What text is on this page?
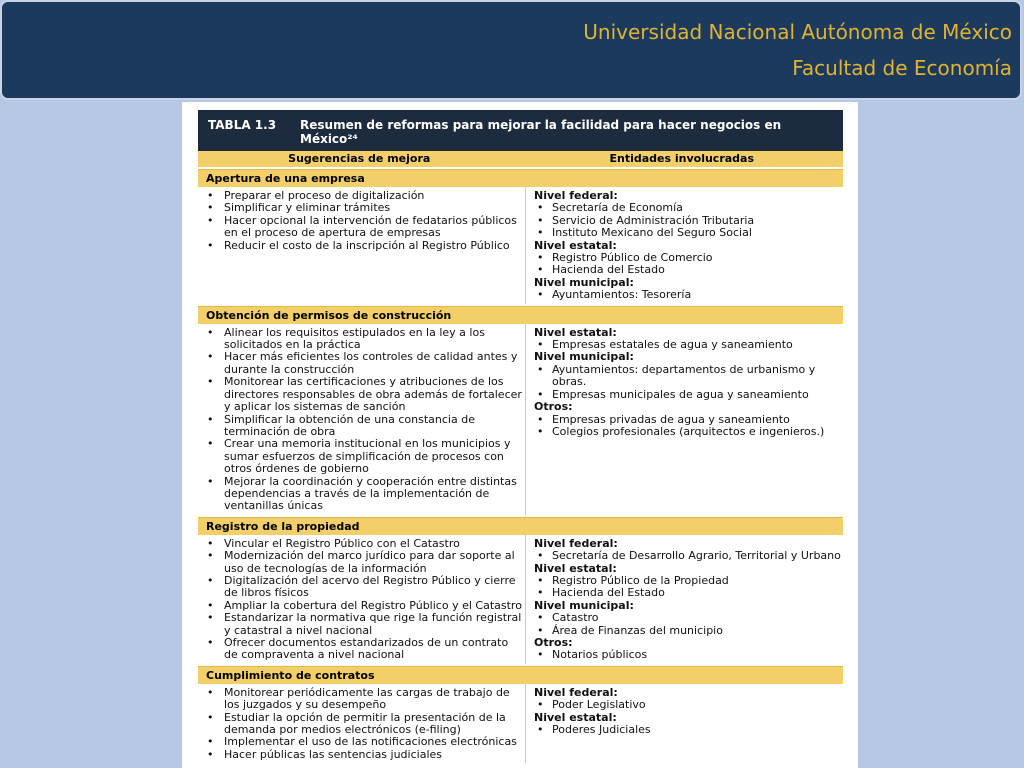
Universidad Nacional Autónoma de México
Facultad de Economía
TABLA 1.3	Resumen de reformas para mejorar la facilidad para hacer negocios en México²⁴
Sugerencias de mejora	Entidades involucradas
Apertura de una empresa
• Preparar el proceso de digitalización
• Simplificar y eliminar trámites
• Hacer opcional la intervención de fedatarios públicos en el proceso de apertura de empresas
• Reducir el costo de la inscripción al Registro Público
Nivel federal:
• Secretaría de Economía
• Servicio de Administración Tributaria
• Instituto Mexicano del Seguro Social
Nivel estatal:
• Registro Público de Comercio
• Hacienda del Estado
Nivel municipal:
• Ayuntamientos: Tesorería
Obtención de permisos de construcción
• Alinear los requisitos estipulados en la ley a los solicitados en la práctica
• Hacer más eficientes los controles de calidad antes y durante la construcción
• Monitorear las certificaciones y atribuciones de los directores responsables de obra además de fortalecer y aplicar los sistemas de sanción
• Simplificar la obtención de una constancia de terminación de obra
• Crear una memoria institucional en los municipios y sumar esfuerzos de simplificación de procesos con otros órdenes de gobierno
• Mejorar la coordinación y cooperación entre distintas dependencias a través de la implementación de ventanillas únicas
Nivel estatal:
• Empresas estatales de agua y saneamiento
Nivel municipal:
• Ayuntamientos: departamentos de urbanismo y obras.
• Empresas municipales de agua y saneamiento
Otros:
• Empresas privadas de agua y saneamiento
• Colegios profesionales (arquitectos e ingenieros.)
Registro de la propiedad
• Vincular el Registro Público con el Catastro
• Modernización del marco jurídico para dar soporte al uso de tecnologías de la información
• Digitalización del acervo del Registro Público y cierre de libros físicos
• Ampliar la cobertura del Registro Público y el Catastro
• Estandarizar la normativa que rige la función registral y catastral a nivel nacional
• Ofrecer documentos estandarizados de un contrato de compraventa a nivel nacional
Nivel federal:
• Secretaría de Desarrollo Agrario, Territorial y Urbano
Nivel estatal:
• Registro Público de la Propiedad
• Hacienda del Estado
Nivel municipal:
• Catastro
• Área de Finanzas del municipio
Otros:
• Notarios públicos
Cumplimiento de contratos
• Monitorear periódicamente las cargas de trabajo de los juzgados y su desempeño
• Estudiar la opción de permitir la presentación de la demanda por medios electrónicos (e-filing)
• Implementar el uso de las notificaciones electrónicas
• Hacer públicas las sentencias judiciales
Nivel federal:
• Poder Legislativo
Nivel estatal:
• Poderes Judiciales
